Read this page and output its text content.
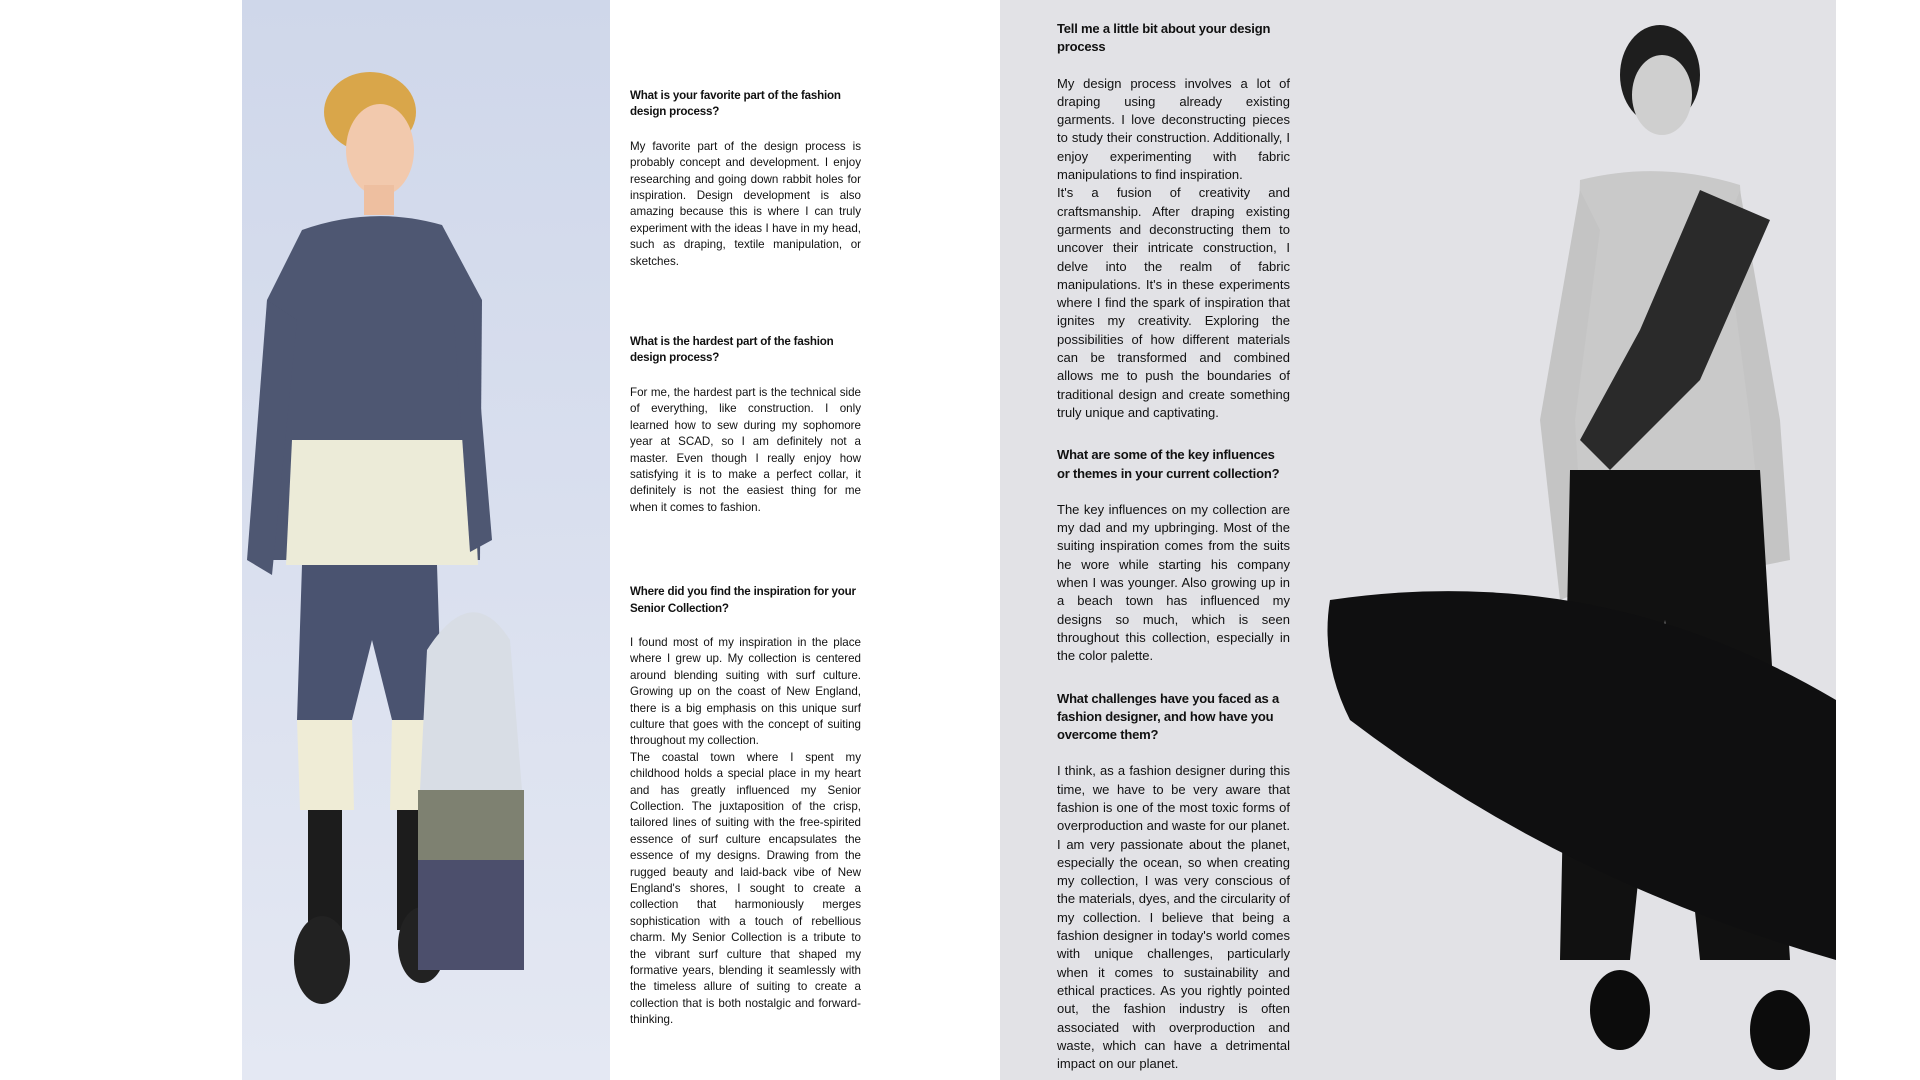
What is your favorite part of the fashion design process?

My favorite part of the design process is probably concept and development. I enjoy researching and going down rabbit holes for inspiration. Design development is also amazing because this is where I can truly experiment with the ideas I have in my head, such as draping, textile manipulation, or sketches.

What is the hardest part of the fashion design process?

For me, the hardest part is the technical side of everything, like construction. I only learned how to sew during my sophomore year at SCAD, so I am definitely not a master. Even though I really enjoy how satisfying it is to make a perfect collar, it definitely is not the easiest thing for me when it comes to fashion.

Where did you find the inspiration for your Senior Collection?

I found most of my inspiration in the place where I grew up. My collection is centered around blending suiting with surf culture. Growing up on the coast of New England, there is a big emphasis on this unique surf culture that goes with the concept of suiting throughout my collection.
The coastal town where I spent my childhood holds a special place in my heart and has greatly influenced my Senior Collection. The juxtaposition of the crisp, tailored lines of suiting with the free-spirited essence of surf culture encapsulates the essence of my designs. Drawing from the rugged beauty and laid-back vibe of New England's shores, I sought to create a collection that harmoniously merges sophistication with a touch of rebellious charm. My Senior Collection is a tribute to the vibrant surf culture that shaped my formative years, blending it seamlessly with the timeless allure of suiting to create a collection that is both nostalgic and forward-thinking.

Tell me a little bit about your design process

My design process involves a lot of draping using already existing garments. I love deconstructing pieces to study their construction. Additionally, I enjoy experimenting with fabric manipulations to find inspiration.
It's a fusion of creativity and craftsmanship. After draping existing garments and deconstructing them to uncover their intricate construction, I delve into the realm of fabric manipulations. It's in these experiments where I find the spark of inspiration that ignites my creativity. Exploring the possibilities of how different materials can be transformed and combined allows me to push the boundaries of traditional design and create something truly unique and captivating.

What are some of the key influences or themes in your current collection?

The key influences on my collection are my dad and my upbringing. Most of the suiting inspiration comes from the suits he wore while starting his company when I was younger. Also growing up in a beach town has influenced my designs so much, which is seen throughout this collection, especially in the color palette.

What challenges have you faced as a fashion designer, and how have you overcome them?

I think, as a fashion designer during this time, we have to be very aware that fashion is one of the most toxic forms of overproduction and waste for our planet. I am very passionate about the planet, especially the ocean, so when creating my collection, I was very conscious of the materials, dyes, and the circularity of my collection. I believe that being a fashion designer in today's world comes with unique challenges, particularly when it comes to sustainability and ethical practices. As you rightly pointed out, the fashion industry is often associated with overproduction and waste, which can have a detrimental impact on our planet.
